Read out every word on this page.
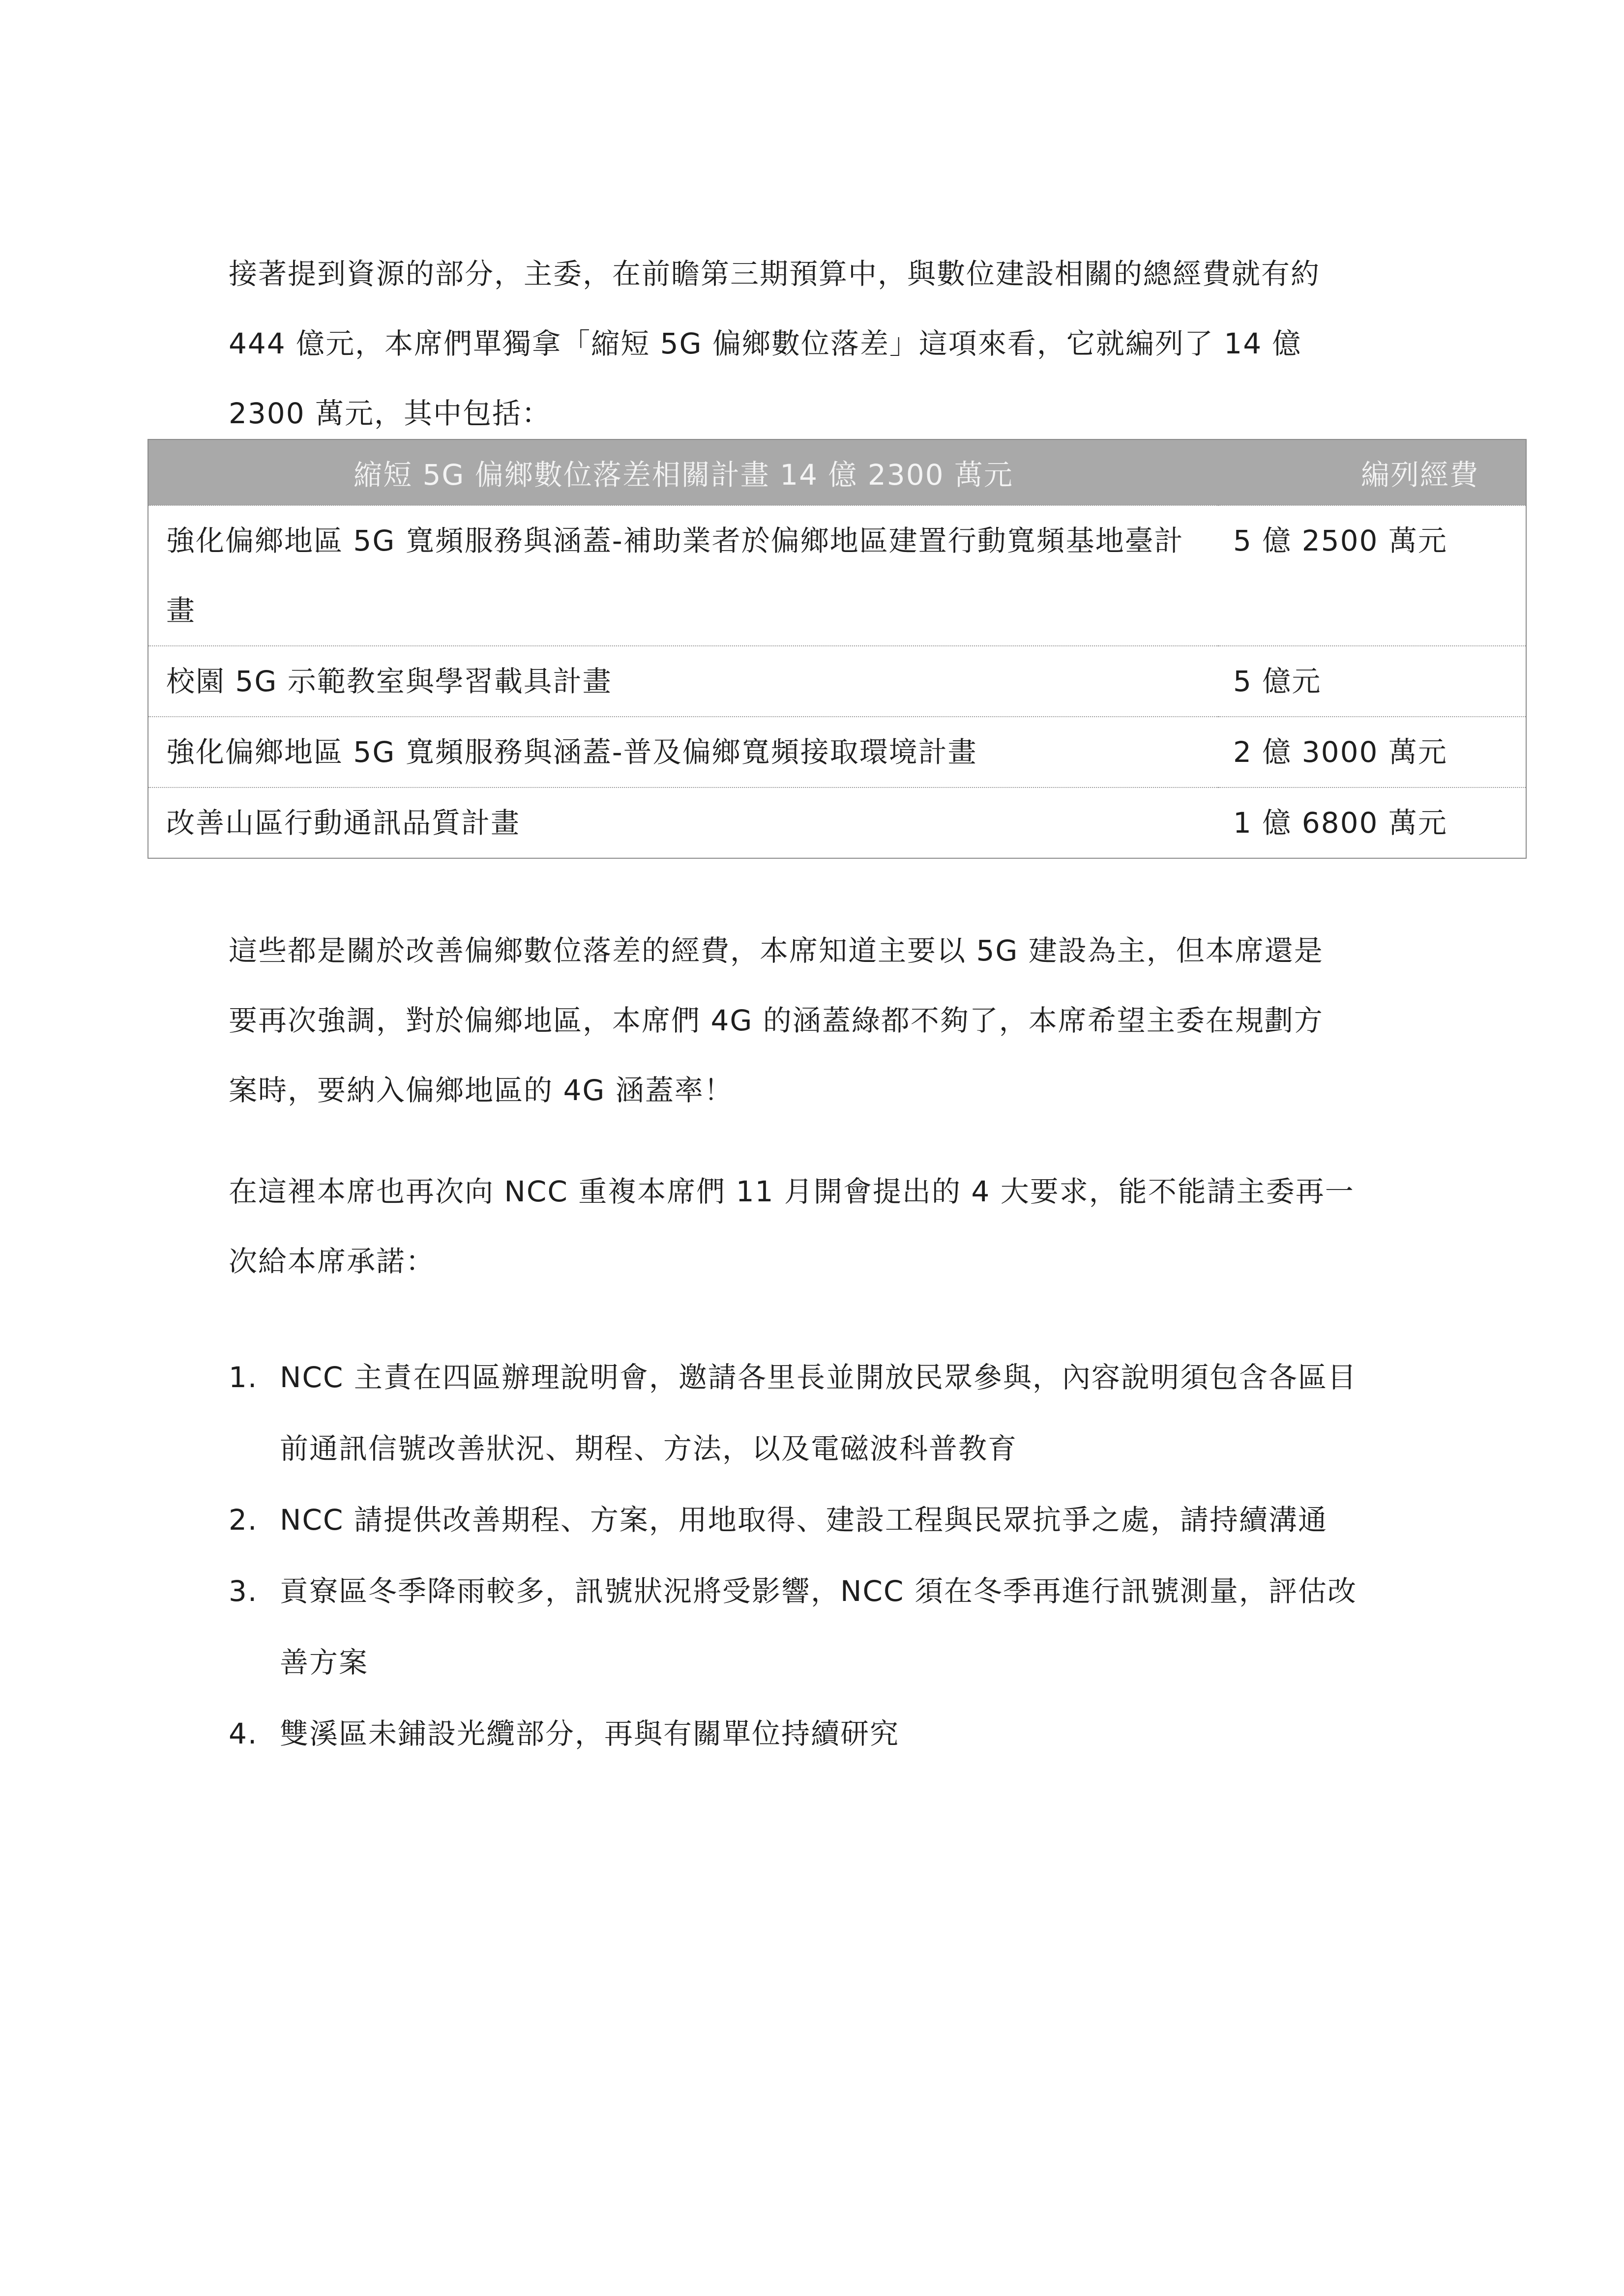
接著提到資源的部分，主委，在前瞻第三期預算中，與數位建設相關的總經費就有約 444 億元，本席們單獨拿「縮短 5G 偏鄉數位落差」這項來看，它就編列了 14 億 2300 萬元，其中包括：

縮短 5G 偏鄉數位落差相關計畫 14 億 2300 萬元	編列經費
強化偏鄉地區 5G 寬頻服務與涵蓋-補助業者於偏鄉地區建置行動寬頻基地臺計畫	5 億 2500 萬元
校園 5G 示範教室與學習載具計畫	5 億元
強化偏鄉地區 5G 寬頻服務與涵蓋-普及偏鄉寬頻接取環境計畫	2 億 3000 萬元
改善山區行動通訊品質計畫	1 億 6800 萬元

這些都是關於改善偏鄉數位落差的經費，本席知道主要以 5G 建設為主，但本席還是要再次強調，對於偏鄉地區，本席們 4G 的涵蓋綠都不夠了，本席希望主委在規劃方案時，要納入偏鄉地區的 4G 涵蓋率！

在這裡本席也再次向 NCC 重複本席們 11 月開會提出的 4 大要求，能不能請主委再一次給本席承諾：

1. NCC 主責在四區辦理說明會，邀請各里長並開放民眾參與，內容說明須包含各區目前通訊信號改善狀況、期程、方法，以及電磁波科普教育
2. NCC 請提供改善期程、方案，用地取得、建設工程與民眾抗爭之處，請持續溝通
3. 貢寮區冬季降雨較多，訊號狀況將受影響，NCC 須在冬季再進行訊號測量，評估改善方案
4. 雙溪區未鋪設光纜部分，再與有關單位持續研究
